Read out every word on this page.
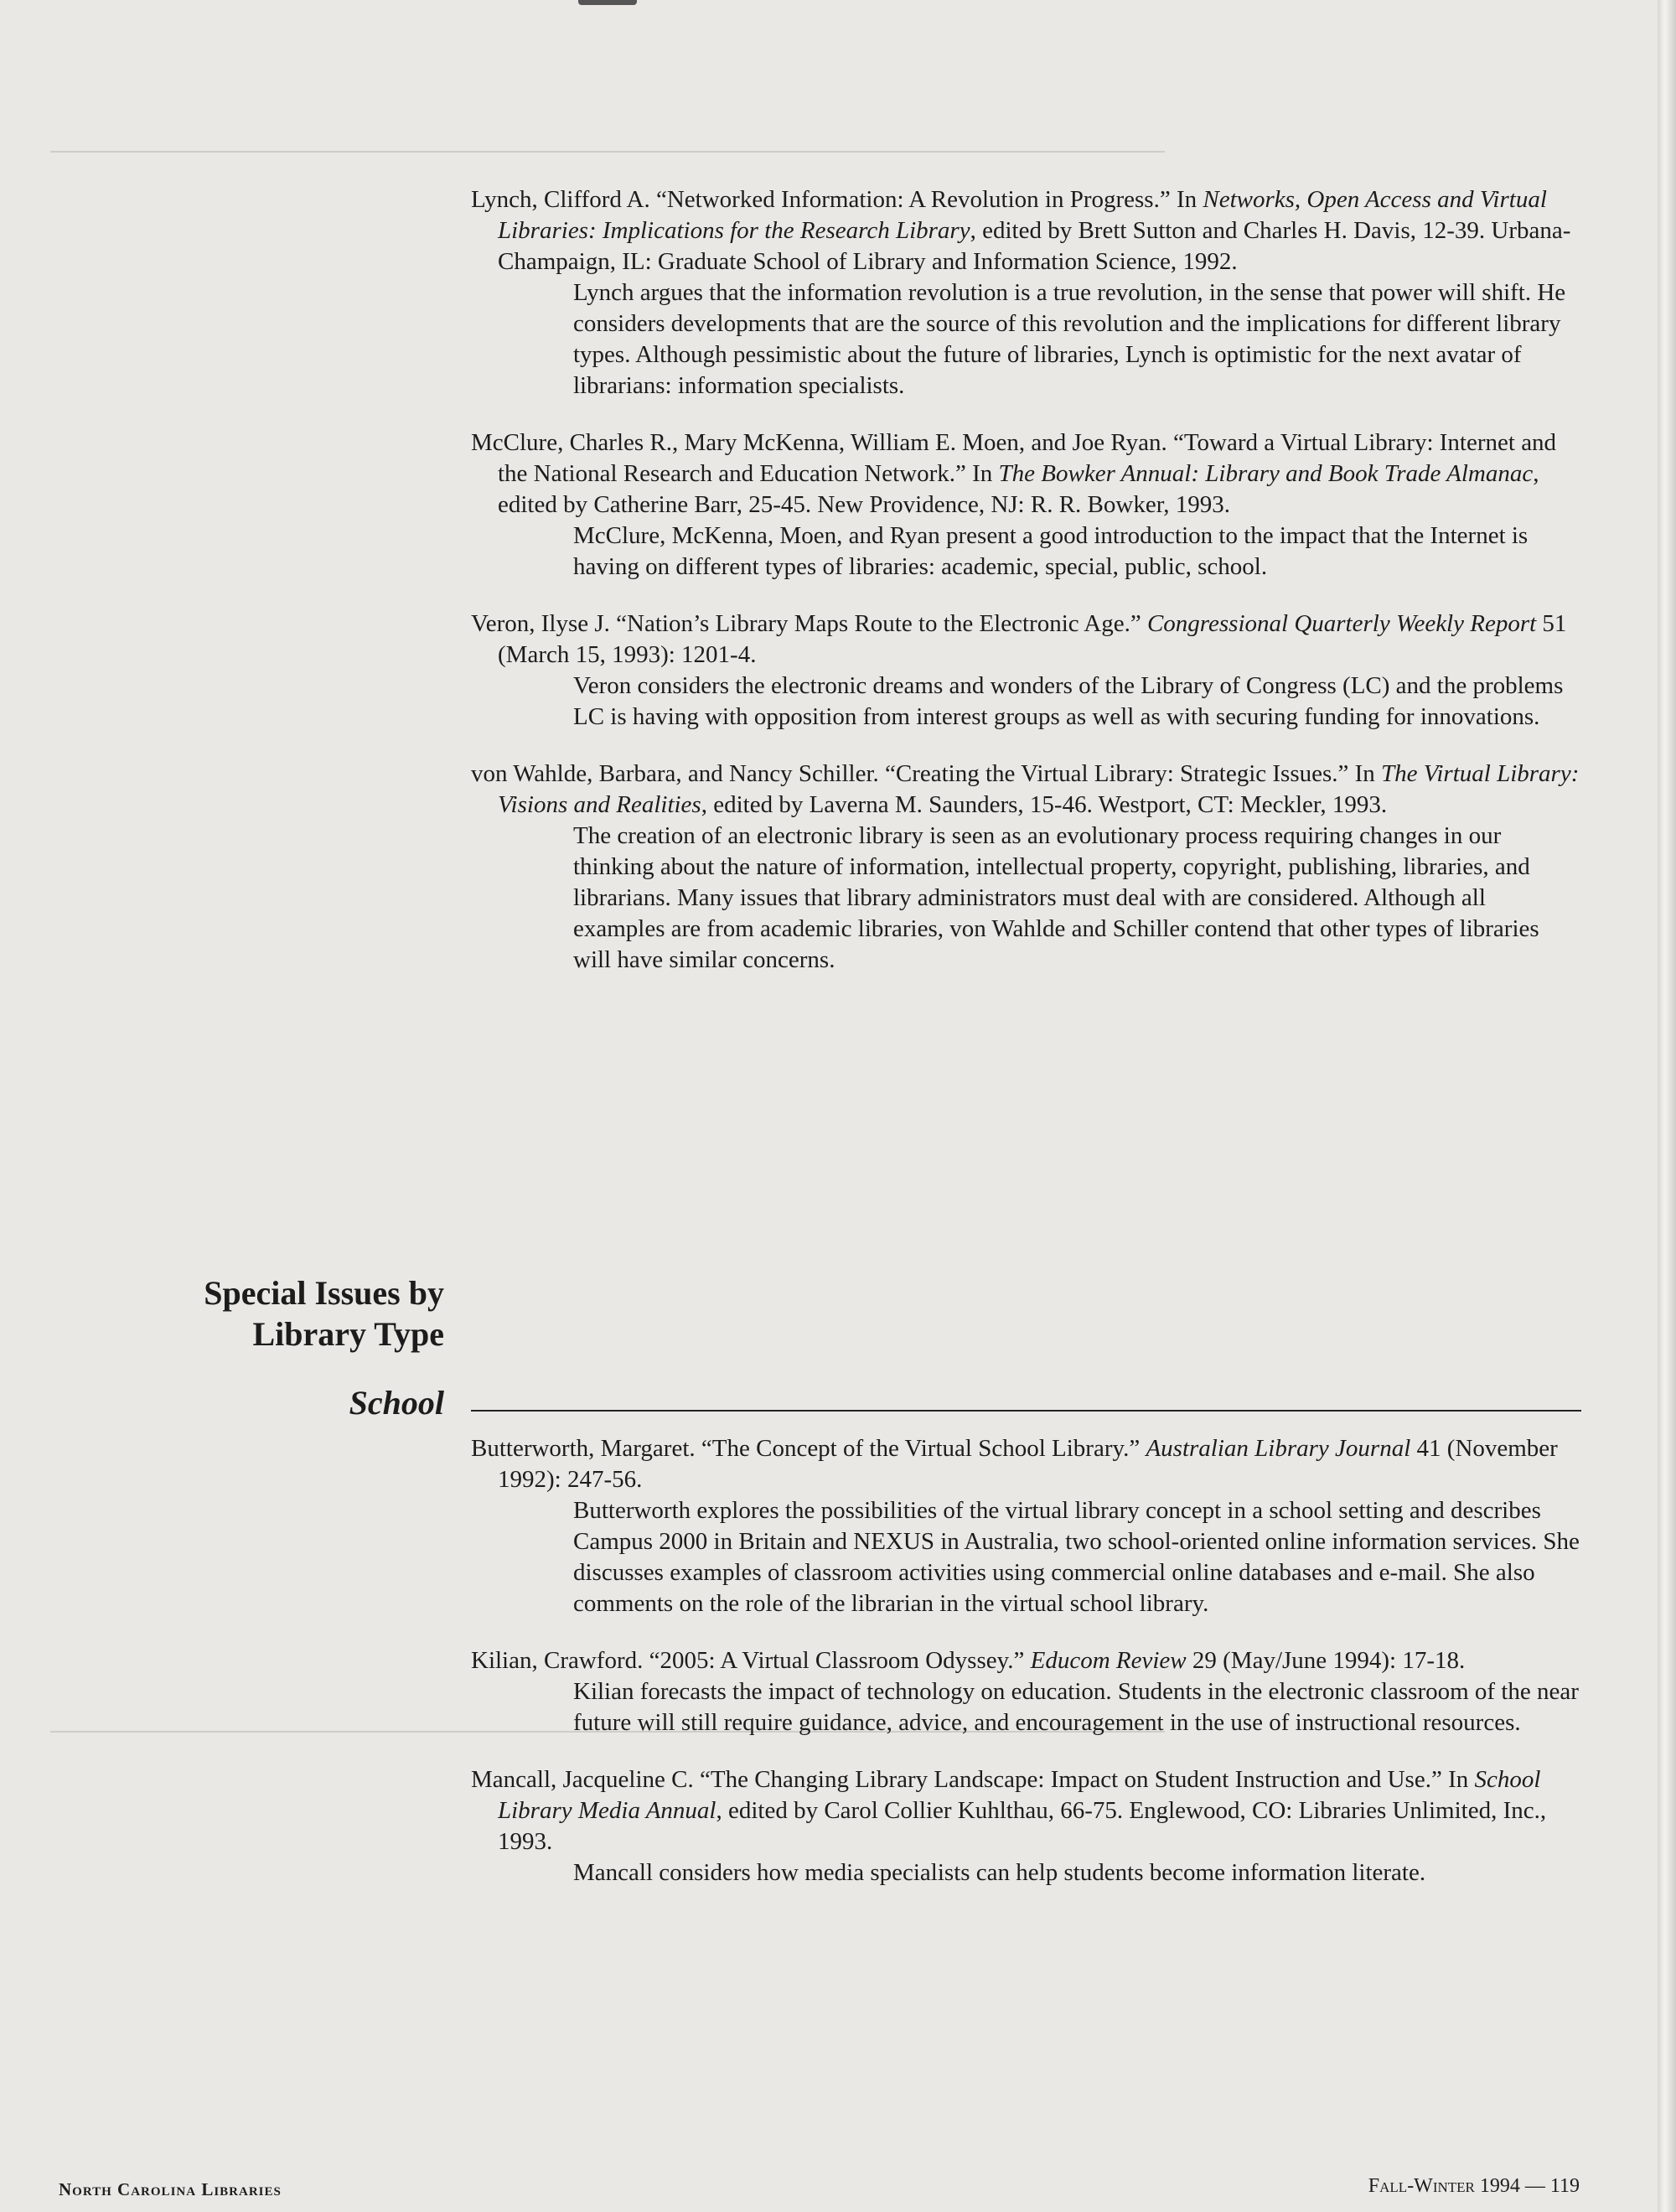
Lynch, Clifford A. “Networked Information: A Revolution in Progress.” In Networks, Open Access and Virtual Libraries: Implications for the Research Library, edited by Brett Sutton and Charles H. Davis, 12-39. Urbana-Champaign, IL: Graduate School of Library and Information Science, 1992.
Lynch argues that the information revolution is a true revolution, in the sense that power will shift. He considers developments that are the source of this revolution and the implications for different library types. Although pessimistic about the future of libraries, Lynch is optimistic for the next avatar of librarians: information specialists.
McClure, Charles R., Mary McKenna, William E. Moen, and Joe Ryan. “Toward a Virtual Library: Internet and the National Research and Education Network.” In The Bowker Annual: Library and Book Trade Almanac, edited by Catherine Barr, 25-45. New Providence, NJ: R. R. Bowker, 1993.
McClure, McKenna, Moen, and Ryan present a good introduction to the impact that the Internet is having on different types of libraries: academic, special, public, school.
Veron, Ilyse J. “Nation’s Library Maps Route to the Electronic Age.” Congressional Quarterly Weekly Report 51 (March 15, 1993): 1201-4.
Veron considers the electronic dreams and wonders of the Library of Congress (LC) and the problems LC is having with opposition from interest groups as well as with securing funding for innovations.
von Wahlde, Barbara, and Nancy Schiller. “Creating the Virtual Library: Strategic Issues.” In The Virtual Library: Visions and Realities, edited by Laverna M. Saunders, 15-46. Westport, CT: Meckler, 1993.
The creation of an electronic library is seen as an evolutionary process requiring changes in our thinking about the nature of information, intellectual property, copyright, publishing, libraries, and librarians. Many issues that library administrators must deal with are considered. Although all examples are from academic libraries, von Wahlde and Schiller contend that other types of libraries will have similar concerns.
Special Issues by
Library Type
School
Butterworth, Margaret. “The Concept of the Virtual School Library.” Australian Library Journal 41 (November 1992): 247-56.
Butterworth explores the possibilities of the virtual library concept in a school setting and describes Campus 2000 in Britain and NEXUS in Australia, two school-oriented online information services. She discusses examples of classroom activities using commercial online databases and e-mail. She also comments on the role of the librarian in the virtual school library.
Kilian, Crawford. “2005: A Virtual Classroom Odyssey.” Educom Review 29 (May/June 1994): 17-18.
Kilian forecasts the impact of technology on education. Students in the electronic classroom of the near future will still require guidance, advice, and encouragement in the use of instructional resources.
Mancall, Jacqueline C. “The Changing Library Landscape: Impact on Student Instruction and Use.” In School Library Media Annual, edited by Carol Collier Kuhlthau, 66-75. Englewood, CO: Libraries Unlimited, Inc., 1993.
Mancall considers how media specialists can help students become information literate.
North Carolina Libraries	Fall-Winter 1994 — 119
